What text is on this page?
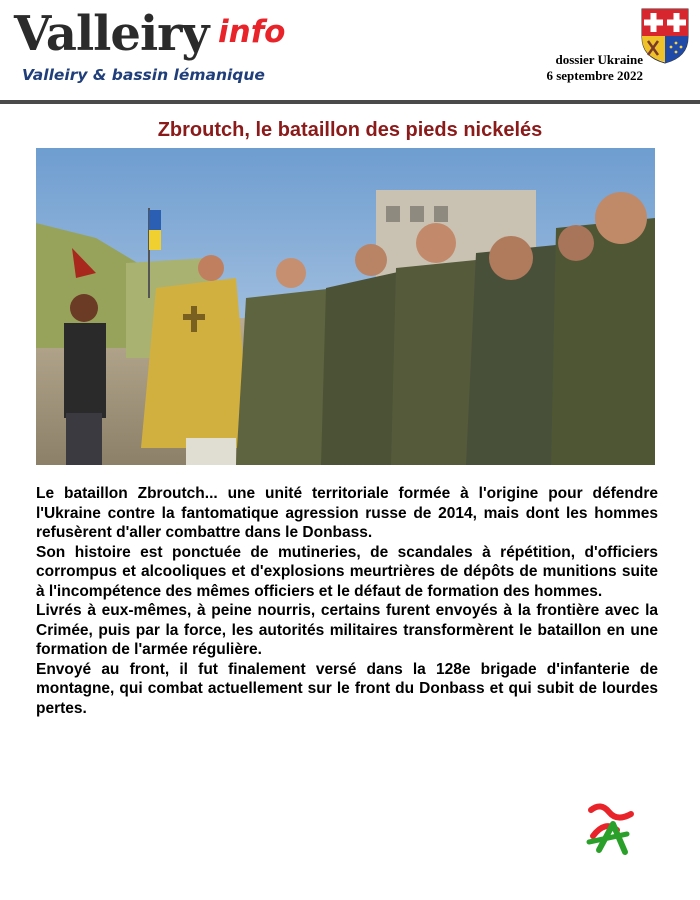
Valleiry info
Valleiry & bassin lémanique
dossier Ukraine
6 septembre 2022
Zbroutch, le bataillon des pieds nickelés

Le bataillon Zbroutch... une unité territoriale formée à l'origine pour défendre l'Ukraine contre la fantomatique agression russe de 2014, mais dont les hommes refusèrent d'aller combattre dans le Donbass.

Son histoire est ponctuée de mutineries, de scandales à répétition, d'officiers corrompus et alcooliques et d'explosions meurtrières de dépôts de munitions suite à l'incompétence des mêmes officiers et le défaut de formation des hommes.

Livrés à eux-mêmes, à peine nourris, certains furent envoyés à la frontière avec la Crimée, puis par la force, les autorités militaires transformèrent le bataillon en une formation de l'armée régulière.

Envoyé au front, il fut finalement versé dans la 128e brigade d'infanterie de montagne, qui combat actuellement sur le front du Donbass et qui subit de lourdes pertes.
